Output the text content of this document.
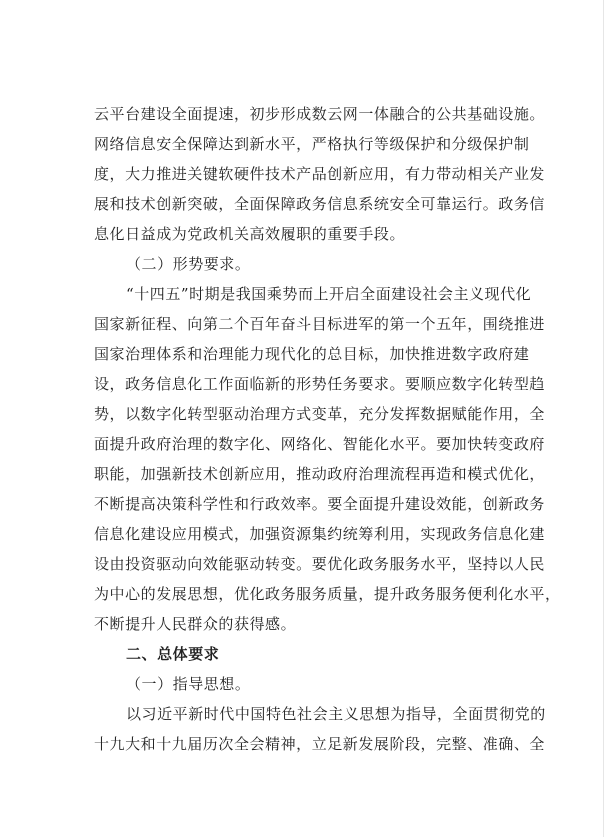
云平台建设全面提速，初步形成数云网一体融合的公共基础设施。
网络信息安全保障达到新水平，严格执行等级保护和分级保护制
度，大力推进关键软硬件技术产品创新应用，有力带动相关产业发
展和技术创新突破，全面保障政务信息系统安全可靠运行。政务信
息化日益成为党政机关高效履职的重要手段。
（二）形势要求。
“十四五”时期是我国乘势而上开启全面建设社会主义现代化
国家新征程、向第二个百年奋斗目标进军的第一个五年，围绕推进
国家治理体系和治理能力现代化的总目标，加快推进数字政府建
设，政务信息化工作面临新的形势任务要求。要顺应数字化转型趋
势，以数字化转型驱动治理方式变革，充分发挥数据赋能作用，全
面提升政府治理的数字化、网络化、智能化水平。要加快转变政府
职能，加强新技术创新应用，推动政府治理流程再造和模式优化，
不断提高决策科学性和行政效率。要全面提升建设效能，创新政务
信息化建设应用模式，加强资源集约统筹利用，实现政务信息化建
设由投资驱动向效能驱动转变。要优化政务服务水平，坚持以人民
为中心的发展思想，优化政务服务质量，提升政务服务便利化水平，
不断提升人民群众的获得感。
二、总体要求
（一）指导思想。
以习近平新时代中国特色社会主义思想为指导，全面贯彻党的
十九大和十九届历次全会精神，立足新发展阶段，完整、准确、全
